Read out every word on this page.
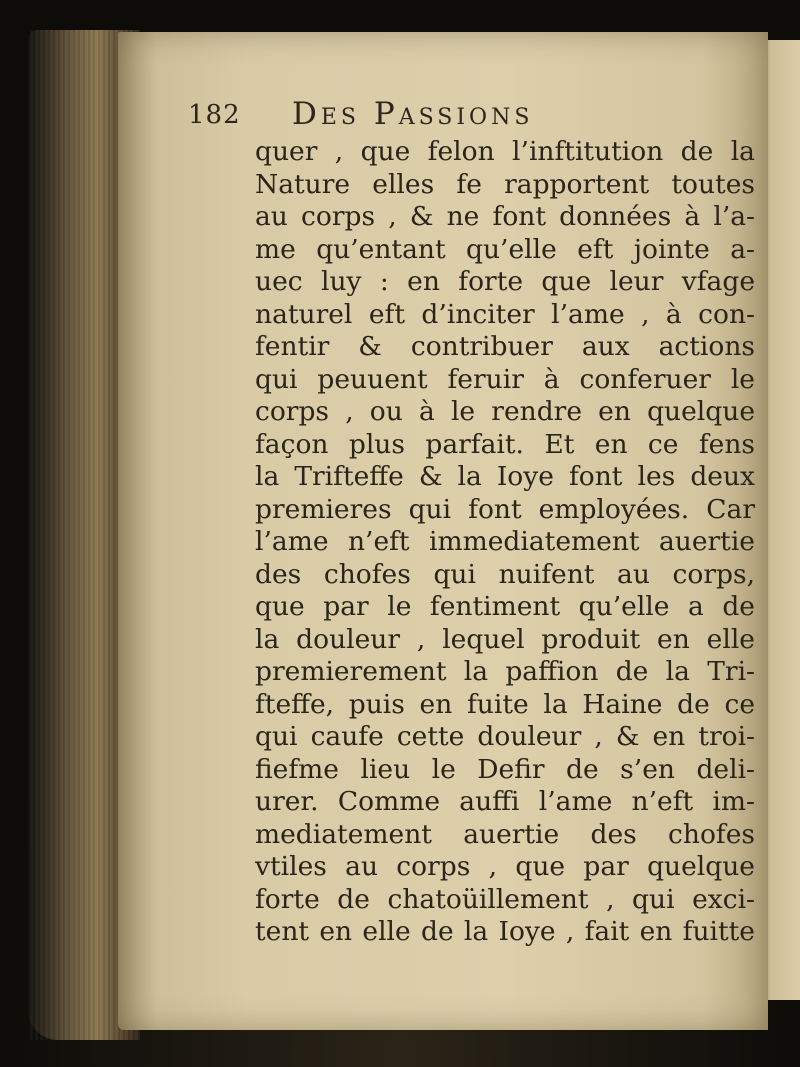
182 Des Passions
quer , que felon l’inftitution de la
Nature elles fe rapportent toutes
au corps , & ne font données à l’a-
me qu’entant qu’elle eft jointe a-
uec luy : en forte que leur vfage
naturel eft d’inciter l’ame , à con-
fentir & contribuer aux actions
qui peuuent feruir à conferuer le
corps , ou à le rendre en quelque
façon plus parfait. Et en ce fens
la Trifteffe & la Ioye font les deux
premieres qui font employées. Car
l’ame n’eft immediatement auertie
des chofes qui nuifent au corps,
que par le fentiment qu’elle a de
la douleur , lequel produit en elle
premierement la paffion de la Tri-
fteffe, puis en fuite la Haine de ce
qui caufe cette douleur , & en troi-
fiefme lieu le Defir de s’en deli-
urer. Comme auffi l’ame n’eft im-
mediatement auertie des chofes
vtiles au corps , que par quelque
forte de chatoüillement , qui exci-
tent en elle de la Ioye , fait en fuitte
